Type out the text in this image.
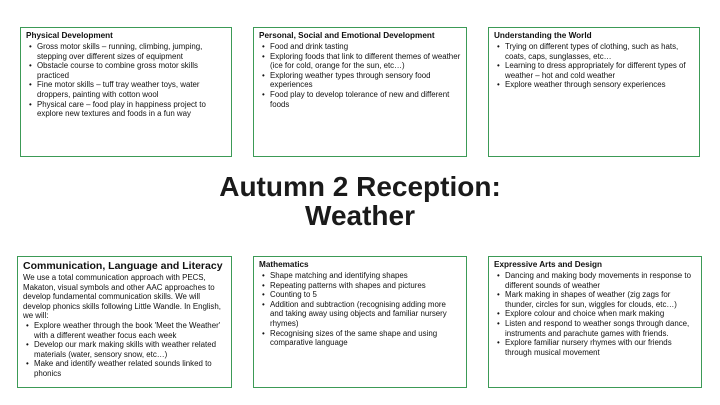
Physical Development
• Gross motor skills – running, climbing, jumping, stepping over different sizes of equipment
• Obstacle course to combine gross motor skills practiced
• Fine motor skills – tuff tray weather toys, water droppers, painting with cotton wool
• Physical care – food play in happiness project to explore new textures and foods in a fun way
Personal, Social and Emotional Development
• Food and drink tasting
• Exploring foods that link to different themes of weather (ice for cold, orange for the sun, etc…)
• Exploring weather types through sensory food experiences
• Food play to develop tolerance of new and different foods
Understanding the World
• Trying on different types of clothing, such as hats, coats, caps, sunglasses, etc…
• Learning to dress appropriately for different types of weather – hot and cold weather
• Explore weather through sensory experiences
Autumn 2 Reception:
Weather
Communication, Language and Literacy

We use a total communication approach with PECS, Makaton, visual symbols and other AAC approaches to develop fundamental communication skills. We will develop phonics skills following Little Wandle. In English, we will:

• Explore weather through the book 'Meet the Weather' with a different weather focus each week
• Develop our mark making skills with weather related materials (water, sensory snow, etc…)
• Make and identify weather related sounds linked to phonics
Mathematics
• Shape matching and identifying shapes
• Repeating patterns with shapes and pictures
• Counting to 5
• Addition and subtraction (recognising adding more and taking away using objects and familiar nursery rhymes)
• Recognising sizes of the same shape and using comparative language
Expressive Arts and Design
• Dancing and making body movements in response to different sounds of weather
• Mark making in shapes of weather (zig zags for thunder, circles for sun, wiggles for clouds, etc…)
• Explore colour and choice when mark making
• Listen and respond to weather songs through dance, instruments and parachute games with friends.
• Explore familiar nursery rhymes with our friends through musical movement
